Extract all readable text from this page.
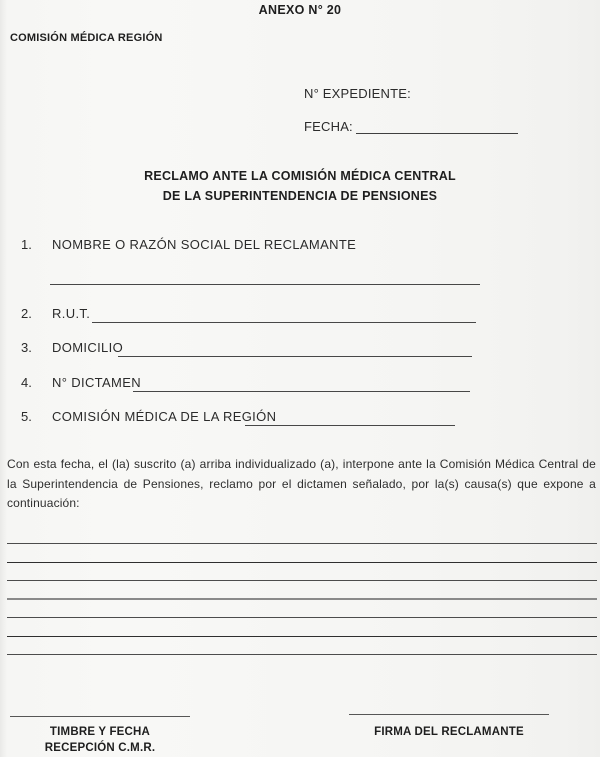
ANEXO N° 20
COMISIÓN MÉDICA REGIÓN
N° EXPEDIENTE:
FECHA:
RECLAMO ANTE LA COMISIÓN MÉDICA CENTRAL
DE LA SUPERINTENDENCIA DE PENSIONES
1. NOMBRE O RAZÓN SOCIAL DEL RECLAMANTE
2. R.U.T.
3. DOMICILIO
4. N° DICTAMEN
5. COMISIÓN MÉDICA DE LA REGIÓN
Con esta fecha, el (la) suscrito (a) arriba individualizado (a), interpone ante la Comisión Médica Central de la Superintendencia de Pensiones, reclamo por el dictamen señalado, por la(s) causa(s) que expone a continuación:
TIMBRE Y FECHA
RECEPCIÓN C.M.R.
FIRMA DEL RECLAMANTE
